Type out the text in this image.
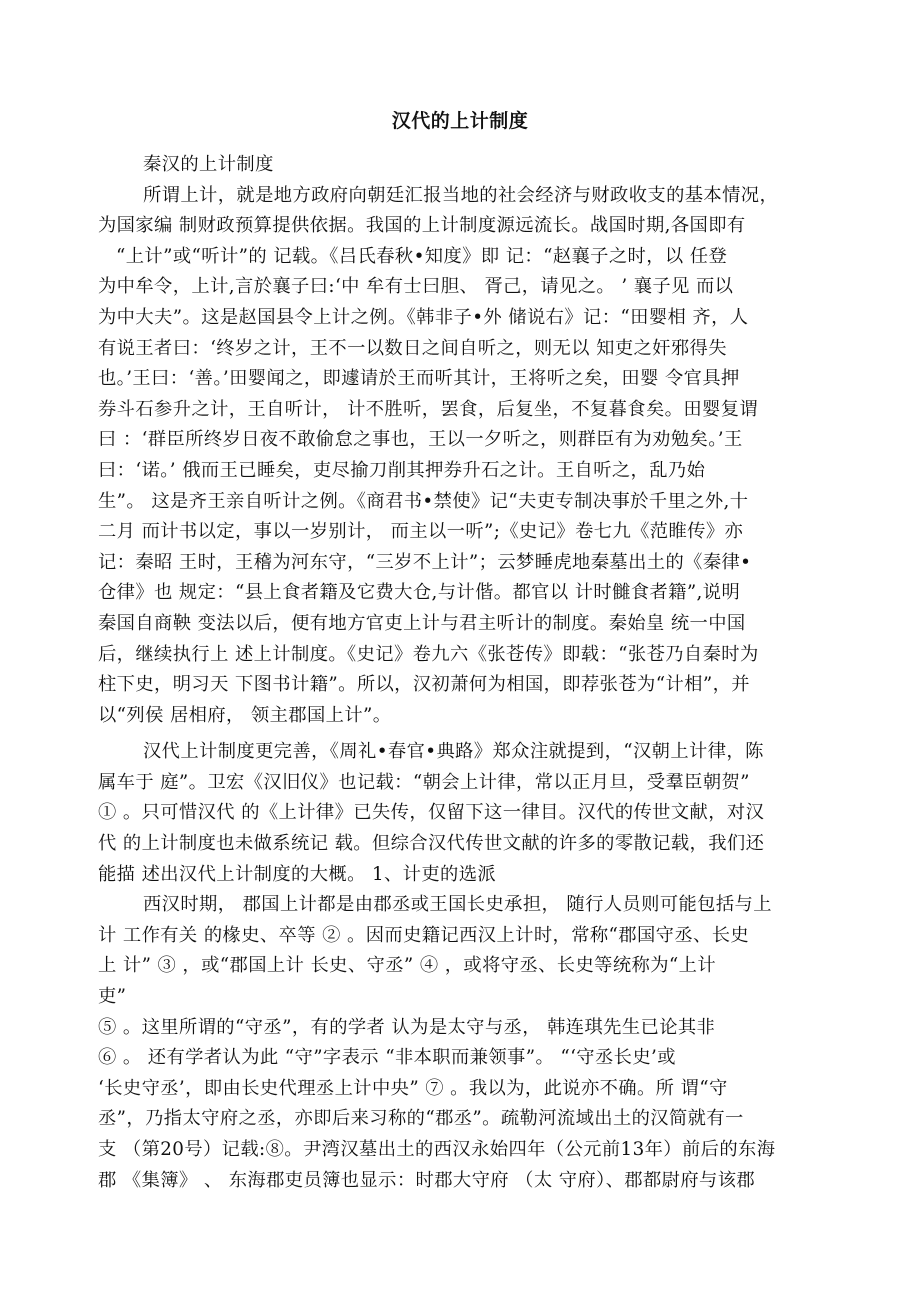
汉代的上计制度
秦汉的上计制度
所谓上计，就是地方政府向朝廷汇报当地的社会经济与财政收支的基本情况，
为国家编 制财政预算提供依据。我国的上计制度源远流长。战国时期,各国即有
“上计”或“听计”的 记载。《吕氏春秋•知度》即 记：“赵襄子之时，以 任登
为中牟令，上计,言於襄子曰:‘中 牟有士曰胆、 胥己，请见之。 ’ 襄子见 而以
为中大夫”。这是赵国县令上计之例。《韩非子•外 储说右》记：“田婴相 齐，人
有说王者曰：‘终岁之计，王不一以数日之间自听之，则无以 知吏之奸邪得失
也。’王曰：‘善。’田婴闻之，即遽请於王而听其计，王将听之矣，田婴 令官具押
券斗石参升之计，王自听计， 计不胜听，罢食，后复坐，不复暮食矣。田婴复谓
曰 ：‘群臣所终岁日夜不敢偷怠之事也，王以一夕听之，则群臣有为劝勉矣。’王
曰：‘诺。’ 俄而王已睡矣，吏尽揄刀削其押券升石之计。王自听之，乱乃始
生”。 这是齐王亲自听计之例。《商君书•禁使》记“夫吏专制决事於千里之外,十
二月 而计书以定，事以一岁别计， 而主以一听”;《史记》卷七九《范睢传》亦
记：秦昭 王时，王稽为河东守，“三岁不上计”；云梦睡虎地秦墓出土的《秦律•
仓律》也 规定：“县上食者籍及它费大仓,与计偕。都官以 计时雠食者籍”,说明
秦国自商鞅 变法以后，便有地方官吏上计与君主听计的制度。秦始皇 统一中国
后，继续执行上 述上计制度。《史记》卷九六《张苍传》即载：“张苍乃自秦时为
柱下史，明习天 下图书计籍”。所以，汉初萧何为相国，即荐张苍为“计相”，并
以“列侯 居相府， 领主郡国上计”。
汉代上计制度更完善，《周礼•春官•典路》郑众注就提到，“汉朝上计律，陈
属车于 庭”。卫宏《汉旧仪》也记载：“朝会上计律，常以正月旦，受羣臣朝贺”
① 。只可惜汉代 的《上计律》已失传，仅留下这一律目。汉代的传世文献，对汉
代 的上计制度也未做系统记 载。但综合汉代传世文献的许多的零散记载，我们还
能描 述出汉代上计制度的大概。 1、计吏的选派
西汉时期， 郡国上计都是由郡丞或王国长史承担， 随行人员则可能包括与上
计 工作有关 的椽史、卒等 ② 。因而史籍记西汉上计时，常称“郡国守丞、长史
上 计” ③ ，或“郡国上计 长史、守丞” ④ ，或将守丞、长史等统称为“上计
吏”
⑤ 。这里所谓的“守丞”，有的学者 认为是太守与丞， 韩连琪先生已论其非
⑥ 。 还有学者认为此 “守”字表示 “非本职而兼领事”。 “‘守丞长史’或
‘长史守丞’，即由长史代理丞上计中央” ⑦ 。我以为，此说亦不确。所 谓“守
丞”，乃指太守府之丞，亦即后来习称的“郡丞”。疏勒河流域出土的汉简就有一
支 （第20号）记载:⑧。尹湾汉墓出土的西汉永始四年（公元前13年）前后的东海
郡 《集簿》 、 东海郡吏员簿也显示：时郡大守府 （太 守府）、郡都尉府与该郡
